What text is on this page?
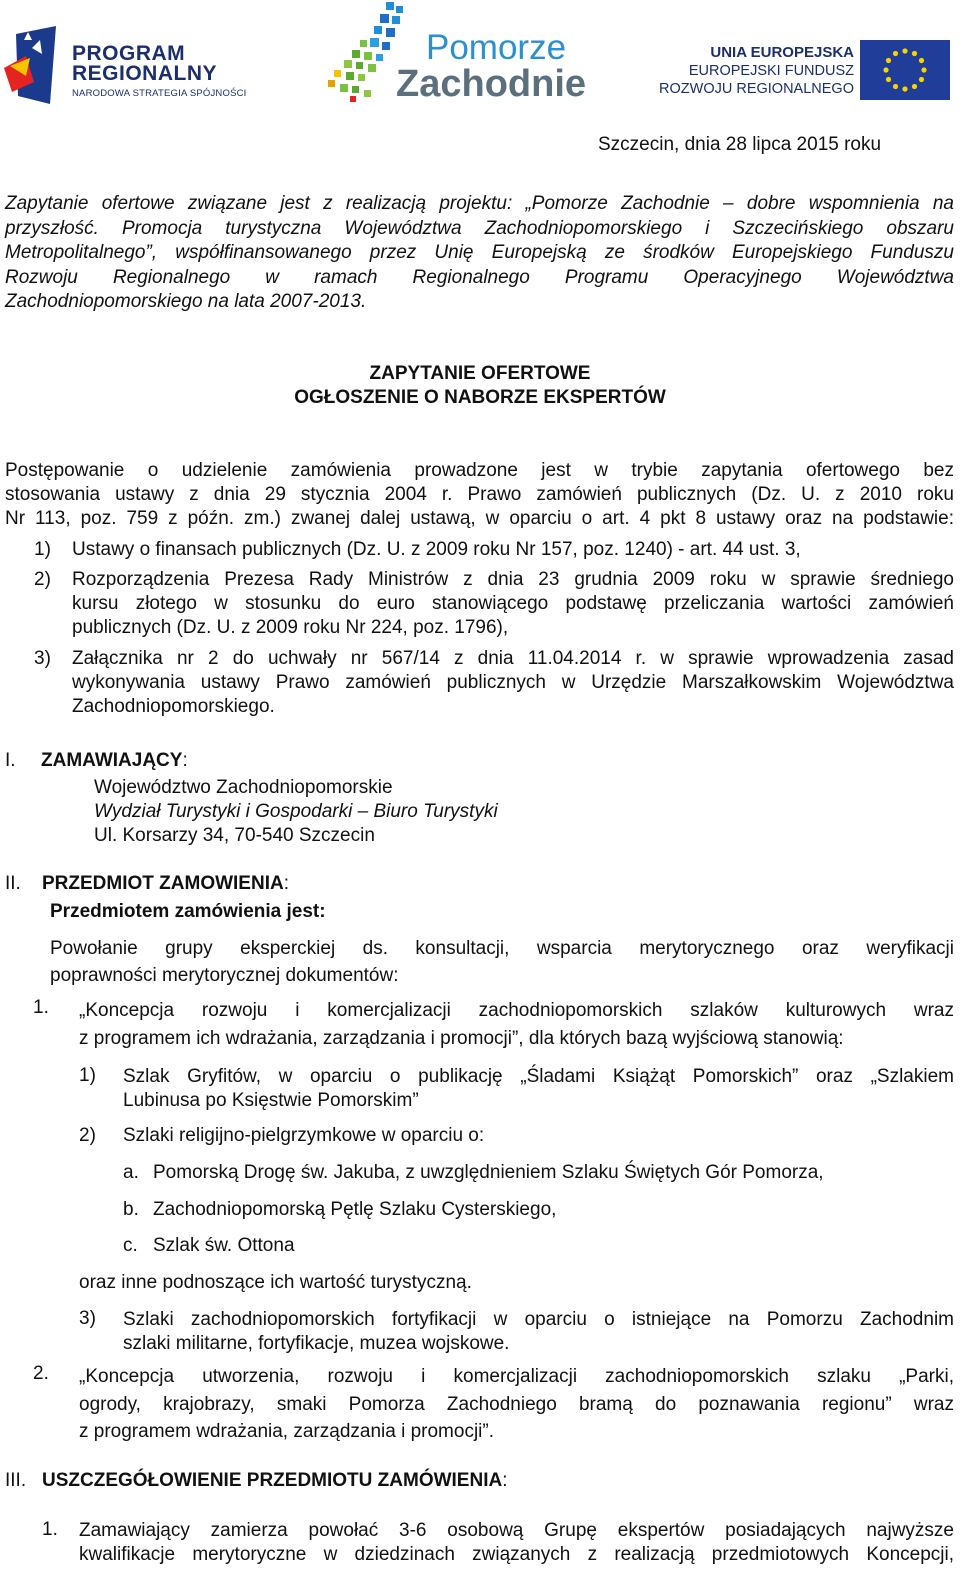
PROGRAM
REGIONALNY
NARODOWA STRATEGIA SPÓJNOŚCI
Pomorze
Zachodnie
UNIA EUROPEJSKA
EUROPEJSKI FUNDUSZ
ROZWOJU REGIONALNEGO
Szczecin, dnia 28 lipca 2015 roku
Zapytanie ofertowe związane jest z realizacją projektu: „Pomorze Zachodnie – dobre wspomnienia na
przyszłość. Promocja turystyczna Województwa Zachodniopomorskiego i Szczecińskiego obszaru
Metropolitalnego”, współfinansowanego przez Unię Europejską ze środków Europejskiego Funduszu
Rozwoju Regionalnego w ramach Regionalnego Programu Operacyjnego Województwa
Zachodniopomorskiego na lata 2007-2013.
ZAPYTANIE OFERTOWE
OGŁOSZENIE O NABORZE EKSPERTÓW
Postępowanie o udzielenie zamówienia prowadzone jest w trybie zapytania ofertowego bez
stosowania ustawy z dnia 29 stycznia 2004 r. Prawo zamówień publicznych (Dz. U. z 2010 roku
Nr 113, poz. 759 z późn. zm.) zwanej dalej ustawą, w oparciu o art. 4 pkt 8 ustawy oraz na podstawie:
1) Ustawy o finansach publicznych (Dz. U. z 2009 roku Nr 157, poz. 1240) - art. 44 ust. 3,
2) Rozporządzenia Prezesa Rady Ministrów z dnia 23 grudnia 2009 roku w sprawie średniego
kursu złotego w stosunku do euro stanowiącego podstawę przeliczania wartości zamówień
publicznych (Dz. U. z 2009 roku Nr 224, poz. 1796),
3) Załącznika nr 2 do uchwały nr 567/14 z dnia 11.04.2014 r. w sprawie wprowadzenia zasad
wykonywania ustawy Prawo zamówień publicznych w Urzędzie Marszałkowskim Województwa
Zachodniopomorskiego.
I. ZAMAWIAJĄCY:
Województwo Zachodniopomorskie
Wydział Turystyki i Gospodarki – Biuro Turystyki
Ul. Korsarzy 34, 70-540 Szczecin
II. PRZEDMIOT ZAMOWIENIA:
Przedmiotem zamówienia jest:
Powołanie grupy eksperckiej ds. konsultacji, wsparcia merytorycznego oraz weryfikacji
poprawności merytorycznej dokumentów:
1. „Koncepcja rozwoju i komercjalizacji zachodniopomorskich szlaków kulturowych wraz
z programem ich wdrażania, zarządzania i promocji”, dla których bazą wyjściową stanowią:
1) Szlak Gryfitów, w oparciu o publikację „Śladami Książąt Pomorskich” oraz „Szlakiem
Lubinusa po Księstwie Pomorskim”
2) Szlaki religijno-pielgrzymkowe w oparciu o:
a. Pomorską Drogę św. Jakuba, z uwzględnieniem Szlaku Świętych Gór Pomorza,
b. Zachodniopomorską Pętlę Szlaku Cysterskiego,
c. Szlak św. Ottona
oraz inne podnoszące ich wartość turystyczną.
3) Szlaki zachodniopomorskich fortyfikacji w oparciu o istniejące na Pomorzu Zachodnim
szlaki militarne, fortyfikacje, muzea wojskowe.
2. „Koncepcja utworzenia, rozwoju i komercjalizacji zachodniopomorskich szlaku „Parki,
ogrody, krajobrazy, smaki Pomorza Zachodniego bramą do poznawania regionu” wraz
z programem wdrażania, zarządzania i promocji”.
III. USZCZEGÓŁOWIENIE PRZEDMIOTU ZAMÓWIENIA:
1. Zamawiający zamierza powołać 3-6 osobową Grupę ekspertów posiadających najwyższe
kwalifikacje merytoryczne w dziedzinach związanych z realizacją przedmiotowych Koncepcji,
